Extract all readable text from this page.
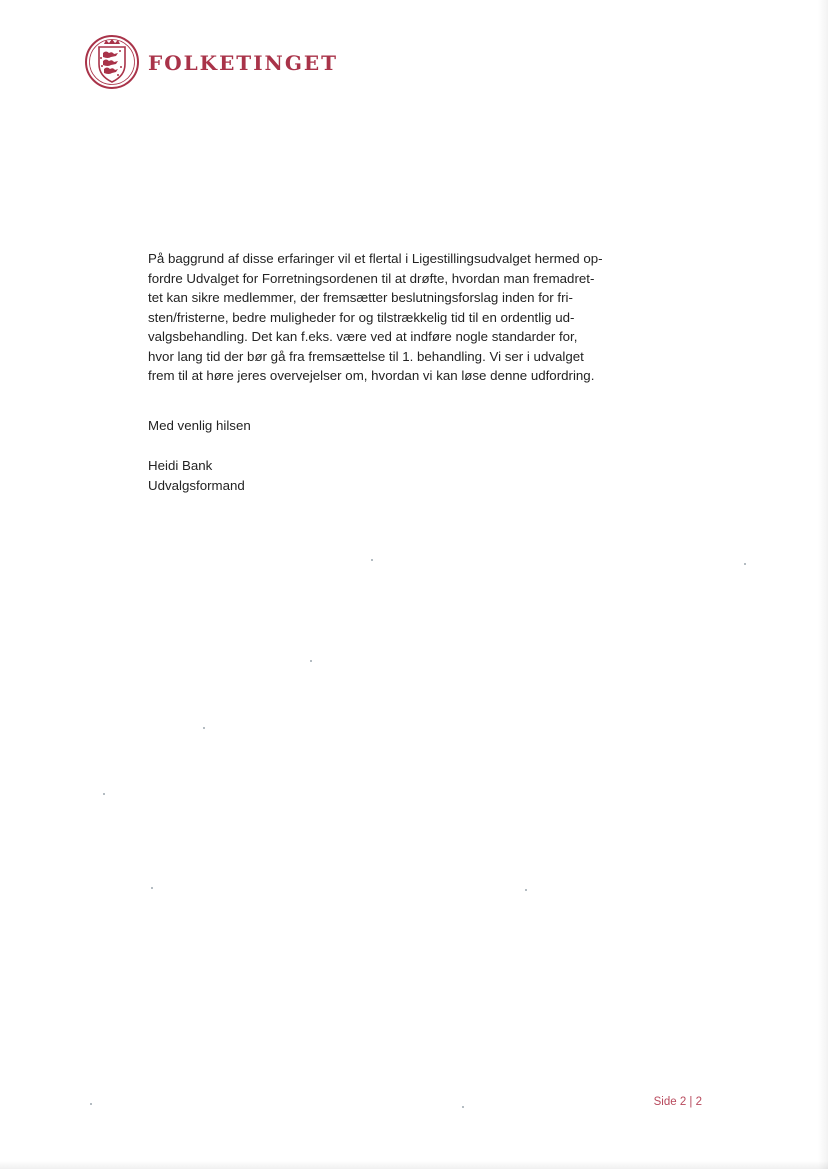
FOLKETINGET
På baggrund af disse erfaringer vil et flertal i Ligestillingsudvalget hermed op-
fordre Udvalget for Forretningsordenen til at drøfte, hvordan man fremadret-
tet kan sikre medlemmer, der fremsætter beslutningsforslag inden for fri-
sten/fristerne, bedre muligheder for og tilstrækkelig tid til en ordentlig ud-
valgsbehandling. Det kan f.eks. være ved at indføre nogle standarder for,
hvor lang tid der bør gå fra fremsættelse til 1. behandling. Vi ser i udvalget
frem til at høre jeres overvejelser om, hvordan vi kan løse denne udfordring.
Med venlig hilsen
Heidi Bank
Udvalgsformand
Side 2 | 2
